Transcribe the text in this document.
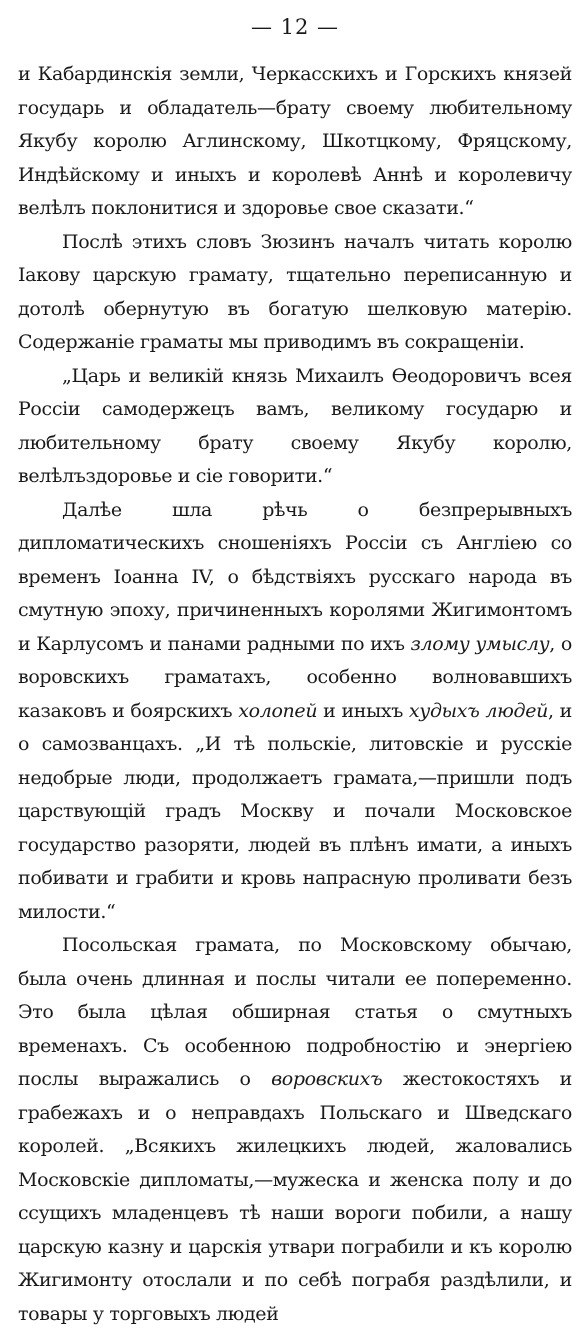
— 12 —

и Кабардинскія земли, Черкасскихъ и Горскихъ князей государь и обладатель—брату своему любительному Якубу королю Аглинскому, Шкотцкому, Фряцскому, Индѣйскому и иныхъ и королевѣ Аннѣ и королевичу велѣлъ поклонитися и здоровье свое сказати.“

Послѣ этихъ словъ Зюзинъ началъ читать королю Іакову царскую грамату, тщательно переписанную и дотолѣ обернутую въ богатую шелковую матерію. Содержаніе граматы мы приводимъ въ сокращеніи.

„Царь и великій князь Михаилъ Ѳеодоровичъ всея Россіи самодержецъ вамъ, великому государю и любительному брату своему Якубу королю, велѣлъздоровье и сіе говорити.“

Далѣе шла рѣчь о безпрерывныхъ дипломатическихъ сношеніяхъ Россіи съ Англіею со временъ Іоанна IV, о бѣдствіяхъ русскаго народа въ смутную эпоху, причиненныхъ королями Жигимонтомъ и Карлусомъ и панами радными по ихъ злому умыслу, о воровскихъ граматахъ, особенно волновавшихъ казаковъ и боярскихъ холопей и иныхъ худыхъ людей, и о самозванцахъ. „И тѣ польскіе, литовскіе и русскіе недобрые люди, продолжаетъ грамата,—пришли подъ царствующій градъ Москву и почали Московское государство разоряти, людей въ плѣнъ имати, а иныхъ побивати и грабити и кровь напрасную проливати безъ милости.“

Посольская грамата, по Московскому обычаю, была очень длинная и послы читали ее попеременно. Это была цѣлая обширная статья о смутныхъ временахъ. Съ особенною подробностію и энергіею послы выражались о воровскихъ жестокостяхъ и грабежахъ и о неправдахъ Польскаго и Шведскаго королей. „Всякихъ жилецкихъ людей, жаловались Московскіе дипломаты,—мужеска и женска полу и до ссущихъ младенцевъ тѣ наши вороги побили, а нашу царскую казну и царскія утвари пограбили и къ королю Жигимонту отослали и по себѣ пограбя раздѣлили, и товары у торговыхъ людей
